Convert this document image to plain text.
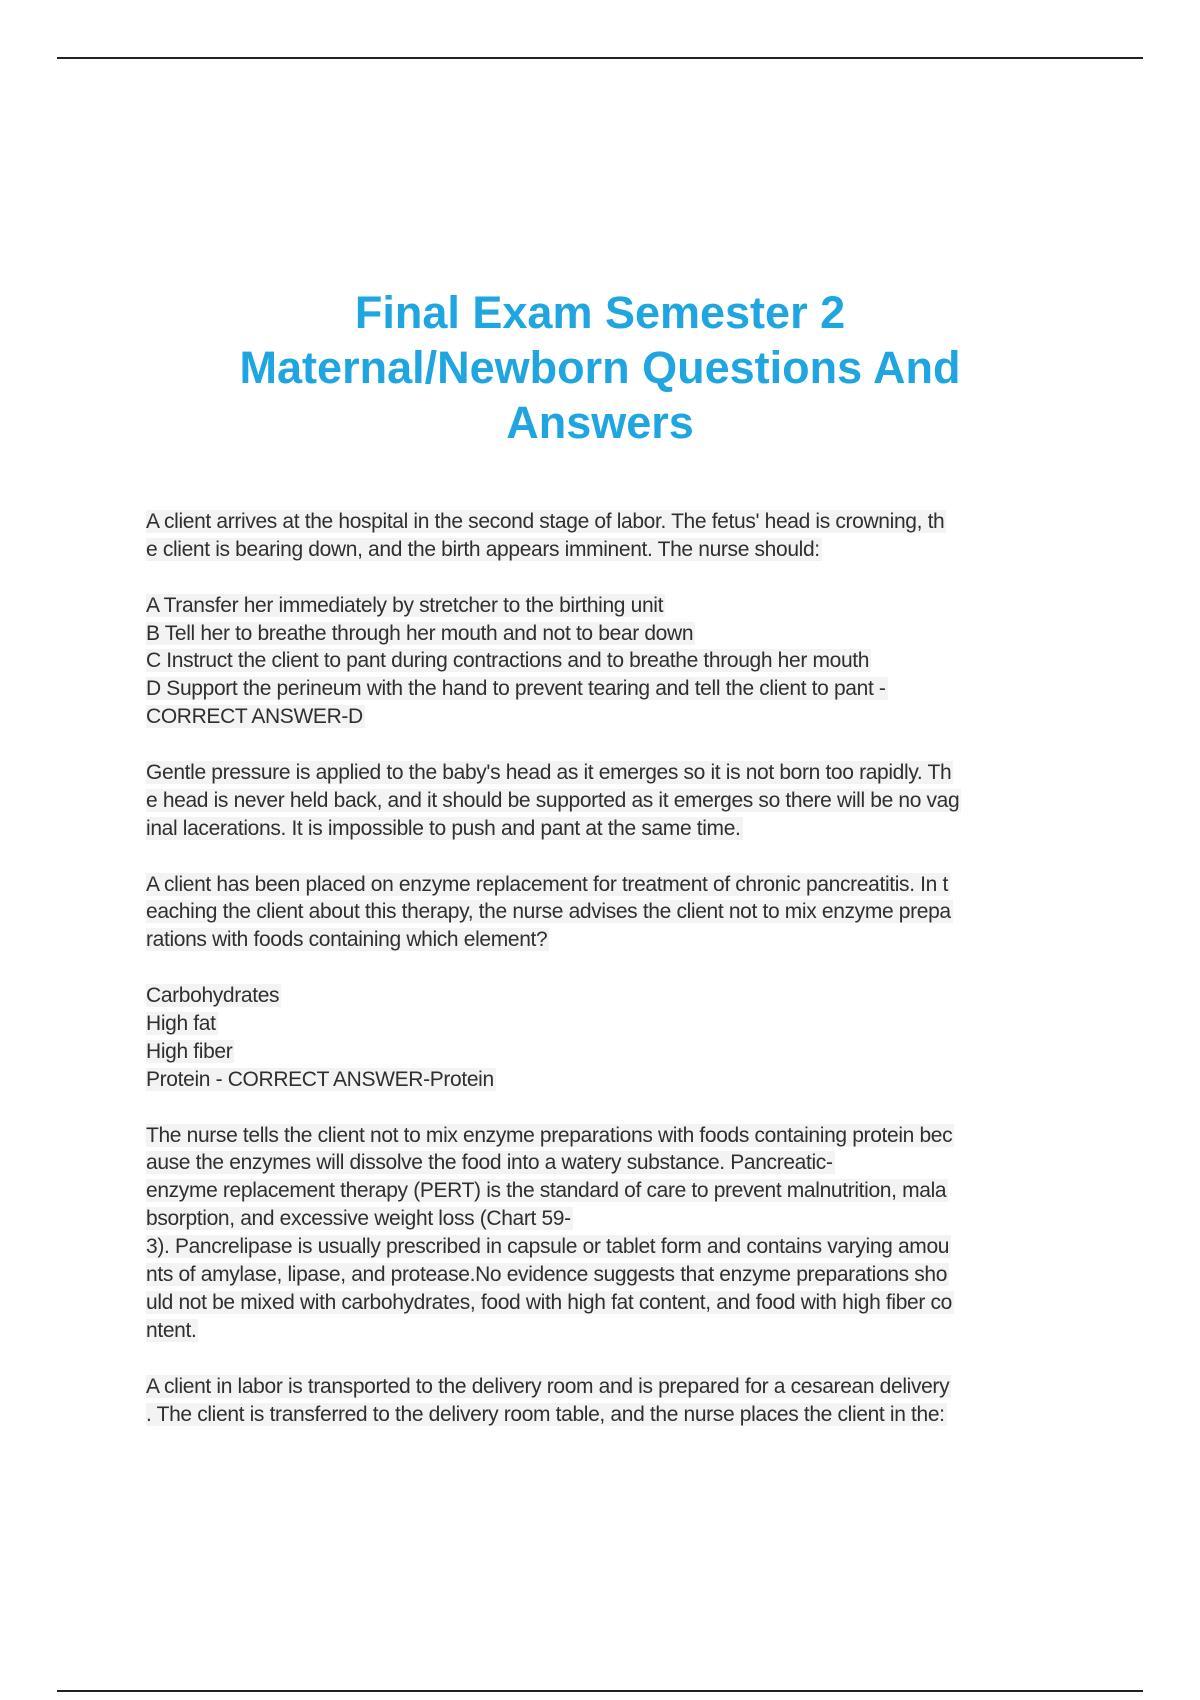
Final Exam Semester 2
Maternal/Newborn Questions And
Answers
A client arrives at the hospital in the second stage of labor. The fetus' head is crowning, th
e client is bearing down, and the birth appears imminent. The nurse should:
A Transfer her immediately by stretcher to the birthing unit
B Tell her to breathe through her mouth and not to bear down
C Instruct the client to pant during contractions and to breathe through her mouth
D Support the perineum with the hand to prevent tearing and tell the client to pant -
CORRECT ANSWER-D
Gentle pressure is applied to the baby's head as it emerges so it is not born too rapidly. Th
e head is never held back, and it should be supported as it emerges so there will be no vag
inal lacerations. It is impossible to push and pant at the same time.
A client has been placed on enzyme replacement for treatment of chronic pancreatitis. In t
eaching the client about this therapy, the nurse advises the client not to mix enzyme prepa
rations with foods containing which element?
Carbohydrates
High fat
High fiber
Protein - CORRECT ANSWER-Protein
The nurse tells the client not to mix enzyme preparations with foods containing protein bec
ause the enzymes will dissolve the food into a watery substance. Pancreatic-
enzyme replacement therapy (PERT) is the standard of care to prevent malnutrition, mala
bsorption, and excessive weight loss (Chart 59-
3). Pancrelipase is usually prescribed in capsule or tablet form and contains varying amou
nts of amylase, lipase, and protease.No evidence suggests that enzyme preparations sho
uld not be mixed with carbohydrates, food with high fat content, and food with high fiber co
ntent.
A client in labor is transported to the delivery room and is prepared for a cesarean delivery
. The client is transferred to the delivery room table, and the nurse places the client in the:
